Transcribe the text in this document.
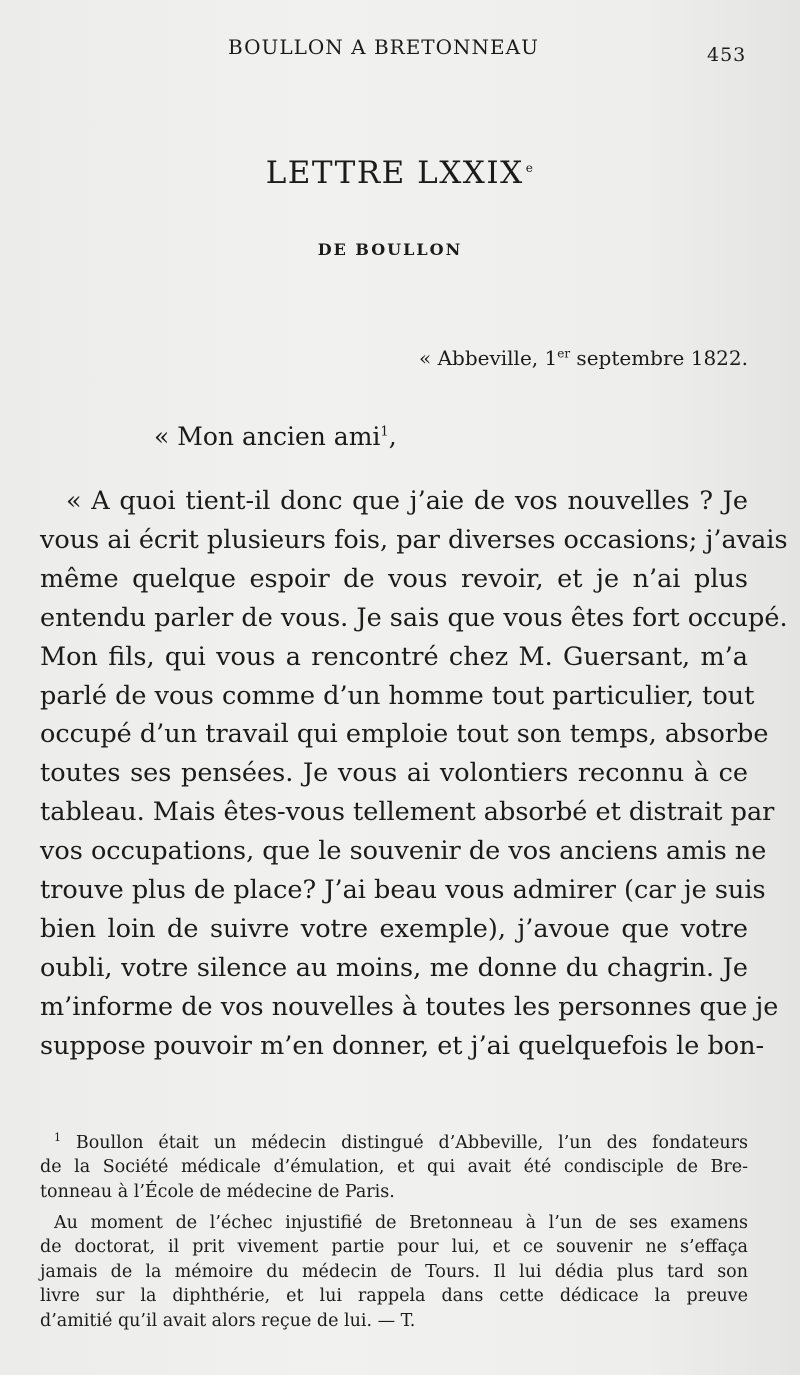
BOULLON A BRETONNEAU	453
LETTRE LXXIX $^e$
DE BOULLON
« Abbeville, 1er septembre 1822.
« Mon ancien ami$^1$,
« A quoi tient-il donc que j’aie de vos nouvelles ? Je
vous ai écrit plusieurs fois, par diverses occasions; j’avais
même quelque espoir de vous revoir, et je n’ai plus
entendu parler de vous. Je sais que vous êtes fort occupé.
Mon fils, qui vous a rencontré chez M. Guersant, m’a
parlé de vous comme d’un homme tout particulier, tout
occupé d’un travail qui emploie tout son temps, absorbe
toutes ses pensées. Je vous ai volontiers reconnu à ce
tableau. Mais êtes-vous tellement absorbé et distrait par
vos occupations, que le souvenir de vos anciens amis ne
trouve plus de place? J’ai beau vous admirer (car je suis
bien loin de suivre votre exemple), j’avoue que votre
oubli, votre silence au moins, me donne du chagrin. Je
m’informe de vos nouvelles à toutes les personnes que je
suppose pouvoir m’en donner, et j’ai quelquefois le bon-
$^1$ Boullon était un médecin distingué d’Abbeville, l’un des fondateurs
de la Société médicale d’émulation, et qui avait été condisciple de Bre-
tonneau à l’École de médecine de Paris.
Au moment de l’échec injustifié de Bretonneau à l’un de ses examens
de doctorat, il prit vivement partie pour lui, et ce souvenir ne s’effaça
jamais de la mémoire du médecin de Tours. Il lui dédia plus tard son
livre sur la diphthérie, et lui rappela dans cette dédicace la preuve
d’amitié qu’il avait alors reçue de lui. — T.
